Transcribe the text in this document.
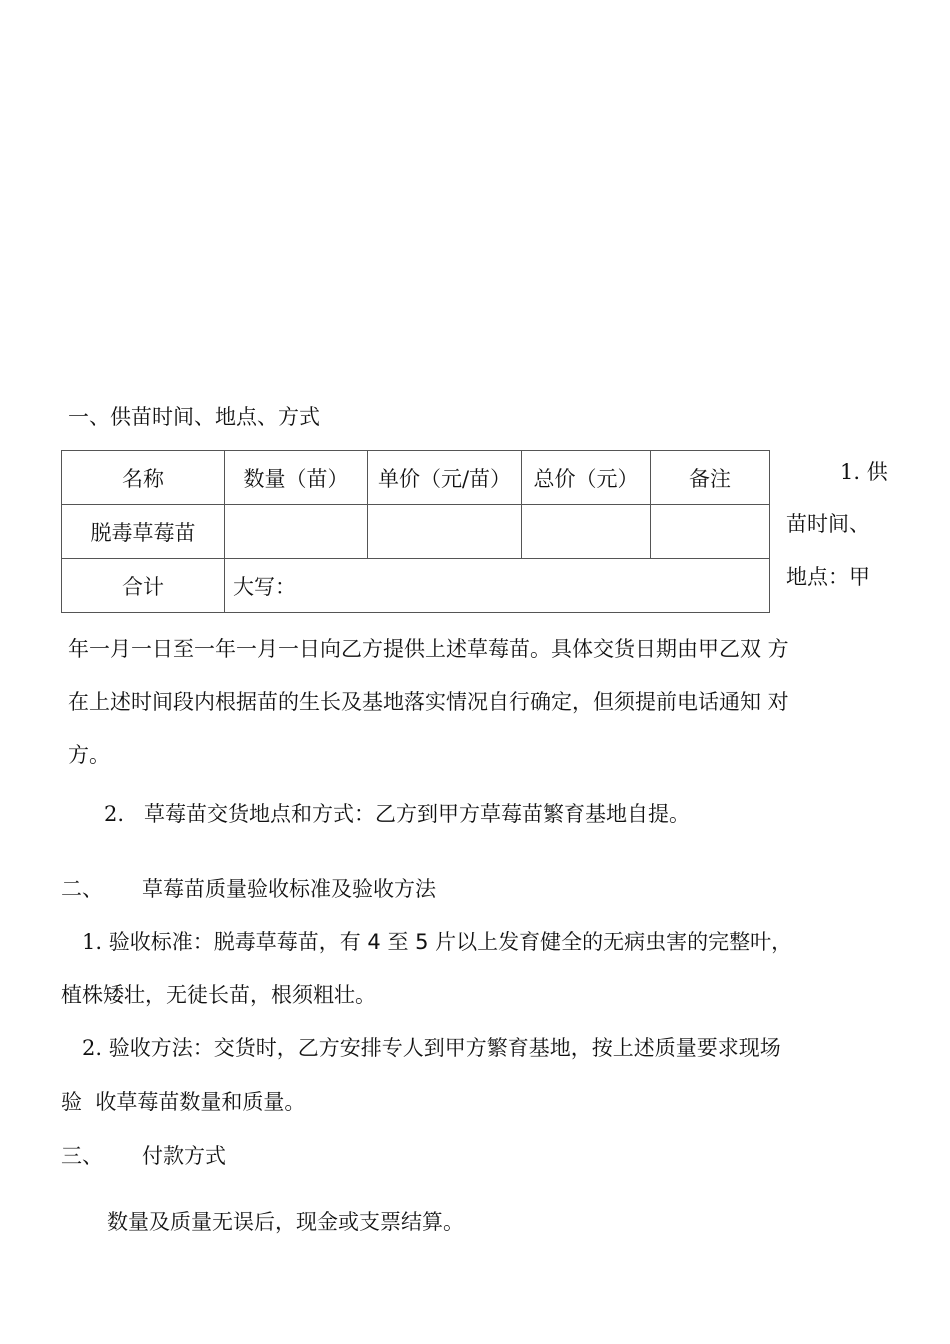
一、供苗时间、地点、方式
名称	数量（苗）	单价（元/苗）	总价（元）	备注
脱毒草莓苗				
合计	大写：			
1. 供
苗时间、
地点：甲
年一月一日至一年一月一日向乙方提供上述草莓苗。具体交货日期由甲乙双 方
在上述时间段内根据苗的生长及基地落实情况自行确定，但须提前电话通知 对
方。
2.   草莓苗交货地点和方式：乙方到甲方草莓苗繁育基地自提。
二、 草莓苗质量验收标准及验收方法
1. 验收标准：脱毒草莓苗，有 4 至 5 片以上发育健全的无病虫害的完整叶，
植株矮壮，无徒长苗，根须粗壮。
2. 验收方法：交货时，乙方安排专人到甲方繁育基地，按上述质量要求现场
验  收草莓苗数量和质量。
三、 付款方式
数量及质量无误后，现金或支票结算。
